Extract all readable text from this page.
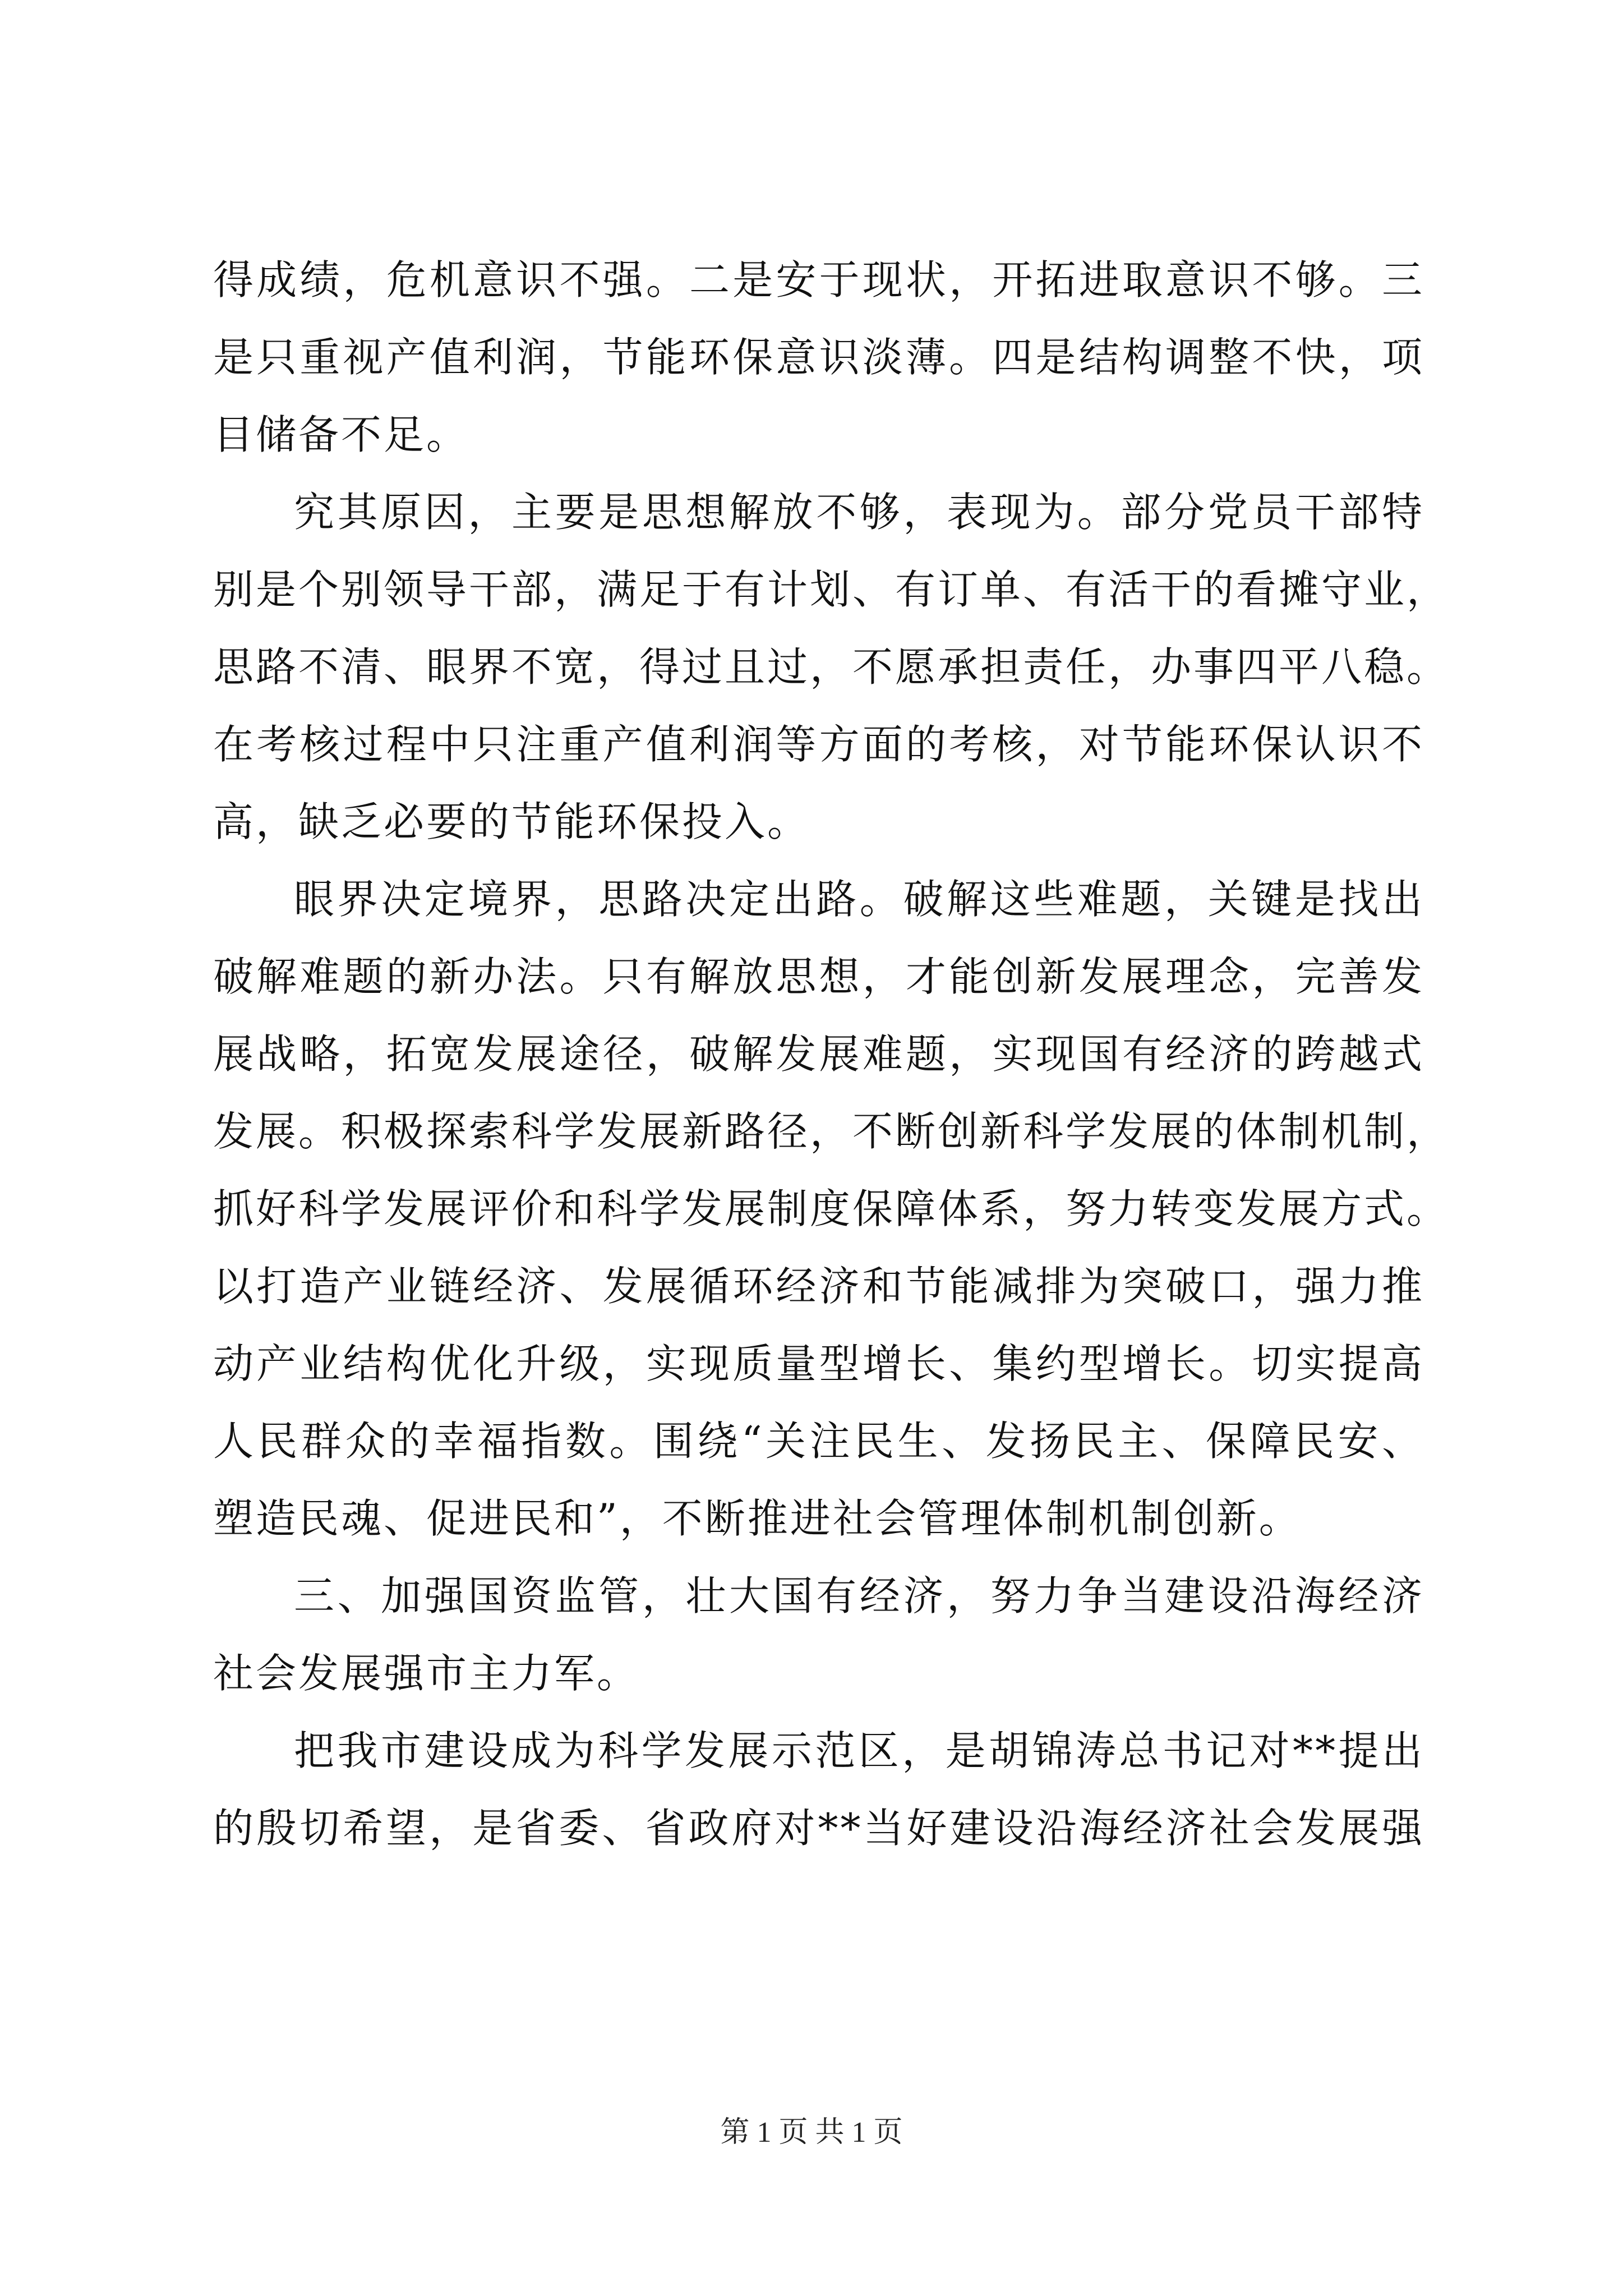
得成绩，危机意识不强。二是安于现状，开拓进取意识不够。三
是只重视产值利润，节能环保意识淡薄。四是结构调整不快，项
目储备不足。

究其原因，主要是思想解放不够，表现为。部分党员干部特
别是个别领导干部，满足于有计划、有订单、有活干的看摊守业，
思路不清、眼界不宽，得过且过，不愿承担责任，办事四平八稳。
在考核过程中只注重产值利润等方面的考核，对节能环保认识不
高，缺乏必要的节能环保投入。

眼界决定境界，思路决定出路。破解这些难题，关键是找出
破解难题的新办法。只有解放思想，才能创新发展理念，完善发
展战略，拓宽发展途径，破解发展难题，实现国有经济的跨越式
发展。积极探索科学发展新路径，不断创新科学发展的体制机制，
抓好科学发展评价和科学发展制度保障体系，努力转变发展方式。
以打造产业链经济、发展循环经济和节能减排为突破口，强力推
动产业结构优化升级，实现质量型增长、集约型增长。切实提高
人民群众的幸福指数。围绕“关注民生、发扬民主、保障民安、
塑造民魂、促进民和”，不断推进社会管理体制机制创新。

三、加强国资监管，壮大国有经济，努力争当建设沿海经济
社会发展强市主力军。

把我市建设成为科学发展示范区，是胡锦涛总书记对**提出
的殷切希望，是省委、省政府对**当好建设沿海经济社会发展强

第 1 页 共 1 页
